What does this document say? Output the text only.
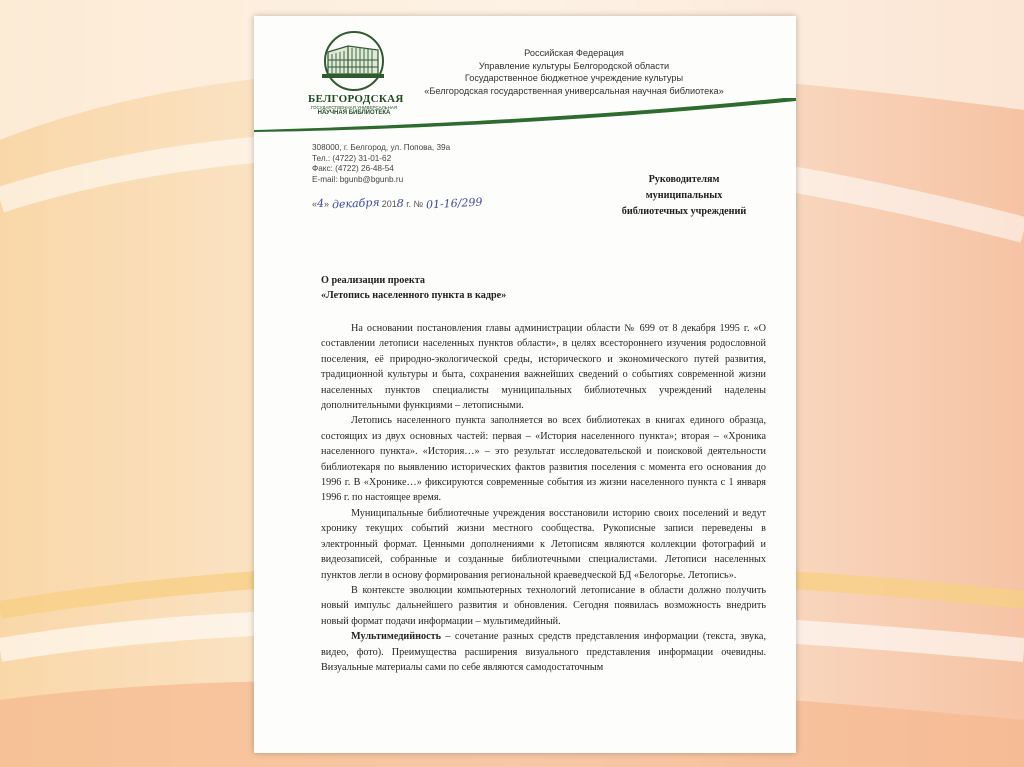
БЕЛГОРОДСКАЯ
ГОСУДАРСТВЕННАЯ УНИВЕРСАЛЬНАЯ
НАУЧНАЯ БИБЛИОТЕКА
Российская Федерация
Управление культуры Белгородской области
Государственное бюджетное учреждение культуры
«Белгородская государственная универсальная научная библиотека»
308000, г. Белгород, ул. Попова, 39а
Тел.: (4722) 31-01-62
Факс: (4722) 26-48-54
E-mail: bgunb@bgunb.ru
«4» декабря 2018 г. № 01-16/299
Руководителям
муниципальных
библиотечных учреждений
О реализации проекта
«Летопись населенного пункта в кадре»

На основании постановления главы администрации области № 699 от 8 декабря 1995 г. «О составлении летописи населенных пунктов области», в целях всестороннего изучения родословной поселения, её природно-экологической среды, исторического и экономического путей развития, традиционной культуры и быта, сохранения важнейших сведений о событиях современной жизни населенных пунктов специалисты муниципальных библиотечных учреждений наделены дополнительными функциями – летописными.

Летопись населенного пункта заполняется во всех библиотеках в книгах единого образца, состоящих из двух основных частей: первая – «История населенного пункта»; вторая – «Хроника населенного пункта». «История…» – это результат исследовательской и поисковой деятельности библиотекаря по выявлению исторических фактов развития поселения с момента его основания до 1996 г. В «Хронике…» фиксируются современные события из жизни населенного пункта с 1 января 1996 г. по настоящее время.

Муниципальные библиотечные учреждения восстановили историю своих поселений и ведут хронику текущих событий жизни местного сообщества. Рукописные записи переведены в электронный формат. Ценными дополнениями к Летописям являются коллекции фотографий и видеозаписей, собранные и созданные библиотечными специалистами. Летописи населенных пунктов легли в основу формирования региональной краеведческой БД «Белогорье. Летопись».

В контексте эволюции компьютерных технологий летописание в области должно получить новый импульс дальнейшего развития и обновления. Сегодня появилась возможность внедрить новый формат подачи информации – мультимедийный.

Мультимедийность – сочетание разных средств представления информации (текста, звука, видео, фото). Преимущества расширения визуального представления информации очевидны. Визуальные материалы сами по себе являются самодостаточным
